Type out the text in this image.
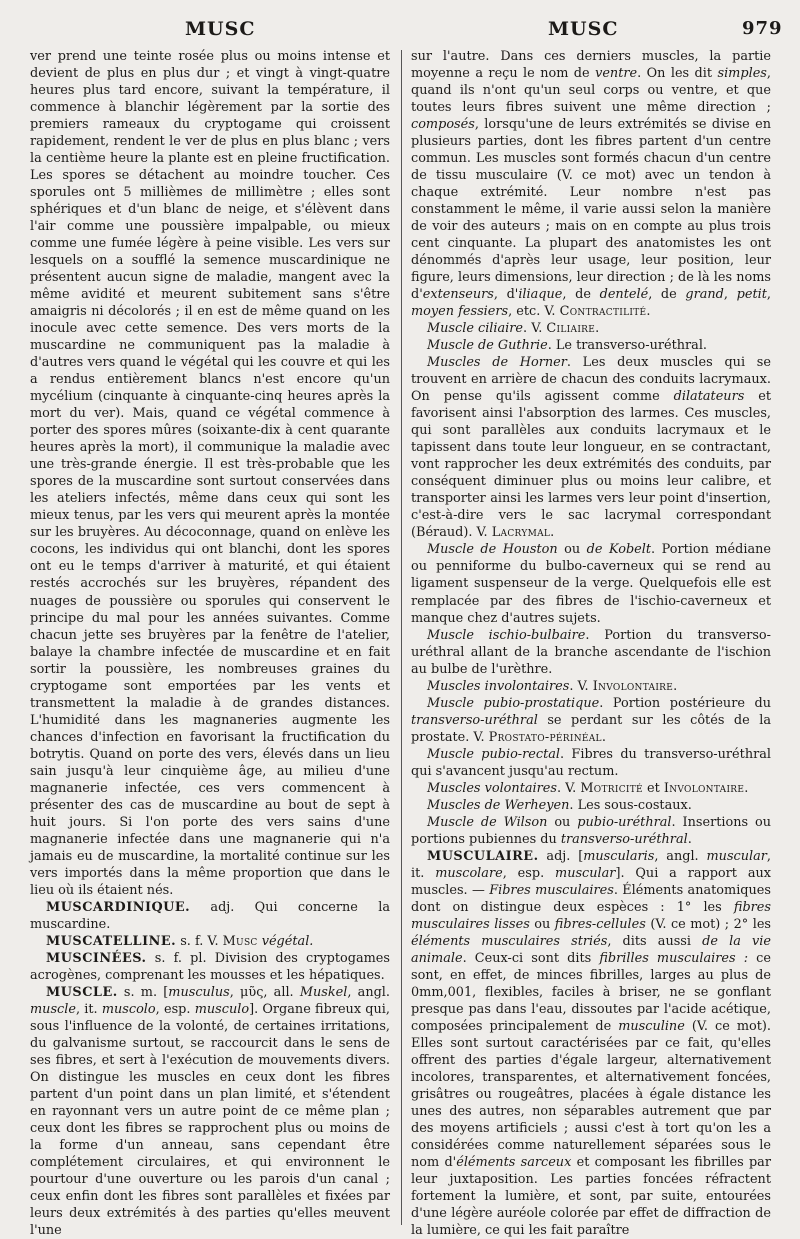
MUSC	MUSC	979

ver prend une teinte rosée plus ou moins intense et devient de plus en plus dur ; et vingt à vingt-quatre heures plus tard encore, suivant la température, il commence à blanchir légèrement par la sortie des premiers rameaux du cryptogame qui croissent rapidement, rendent le ver de plus en plus blanc ; vers la centième heure la plante est en pleine fructification. Les spores se détachent au moindre toucher. Ces sporules ont 5 millièmes de millimètre ; elles sont sphériques et d'un blanc de neige, et s'élèvent dans l'air comme une poussière impalpable, ou mieux comme une fumée légère à peine visible. Les vers sur lesquels on a soufflé la semence muscardinique ne présentent aucun signe de maladie, mangent avec la même avidité et meurent subitement sans s'être amaigris ni décolorés ; il en est de même quand on les inocule avec cette semence. Des vers morts de la muscardine ne communiquent pas la maladie à d'autres vers quand le végétal qui les couvre et qui les a rendus entièrement blancs n'est encore qu'un mycélium (cinquante à cinquante-cinq heures après la mort du ver). Mais, quand ce végétal commence à porter des spores mûres (soixante-dix à cent quarante heures après la mort), il communique la maladie avec une très-grande énergie. Il est très-probable que les spores de la muscardine sont surtout conservées dans les ateliers infectés, même dans ceux qui sont les mieux tenus, par les vers qui meurent après la montée sur les bruyères. Au décoconnage, quand on enlève les cocons, les individus qui ont blanchi, dont les spores ont eu le temps d'arriver à maturité, et qui étaient restés accrochés sur les bruyères, répandent des nuages de poussière ou sporules qui conservent le principe du mal pour les années suivantes. Comme chacun jette ses bruyères par la fenêtre de l'atelier, balaye la chambre infectée de muscardine et en fait sortir la poussière, les nombreuses graines du cryptogame sont emportées par les vents et transmettent la maladie à de grandes distances. L'humidité dans les magnaneries augmente les chances d'infection en favorisant la fructification du botrytis. Quand on porte des vers, élevés dans un lieu sain jusqu'à leur cinquième âge, au milieu d'une magnanerie infectée, ces vers commencent à présenter des cas de muscardine au bout de sept à huit jours. Si l'on porte des vers sains d'une magnanerie infectée dans une magnanerie qui n'a jamais eu de muscardine, la mortalité continue sur les vers importés dans la même proportion que dans le lieu où ils étaient nés.

MUSCARDINIQUE. adj. Qui concerne la muscardine.

MUSCATELLINE. s. f. V. Musc végétal.

MUSCINÉES. s. f. pl. Division des cryptogames acrogènes, comprenant les mousses et les hépatiques.

MUSCLE. s. m. [musculus, μῦς, all. Muskel, angl. muscle, it. muscolo, esp. musculo]. Organe fibreux qui, sous l'influence de la volonté, de certaines irritations, du galvanisme surtout, se raccourcit dans le sens de ses fibres, et sert à l'exécution de mouvements divers. On distingue les muscles en ceux dont les fibres partent d'un point dans un plan limité, et s'étendent en rayonnant vers un autre point de ce même plan ; ceux dont les fibres se rapprochent plus ou moins de la forme d'un anneau, sans cependant être complétement circulaires, et qui environnent le pourtour d'une ouverture ou les parois d'un canal ; ceux enfin dont les fibres sont parallèles et fixées par leurs deux extrémités à des parties qu'elles meuvent l'une

sur l'autre. Dans ces derniers muscles, la partie moyenne a reçu le nom de ventre. On les dit simples, quand ils n'ont qu'un seul corps ou ventre, et que toutes leurs fibres suivent une même direction ; composés, lorsqu'une de leurs extrémités se divise en plusieurs parties, dont les fibres partent d'un centre commun. Les muscles sont formés chacun d'un centre de tissu musculaire (V. ce mot) avec un tendon à chaque extrémité. Leur nombre n'est pas constamment le même, il varie aussi selon la manière de voir des auteurs ; mais on en compte au plus trois cent cinquante. La plupart des anatomistes les ont dénommés d'après leur usage, leur position, leur figure, leurs dimensions, leur direction ; de là les noms d'extenseurs, d'iliaque, de dentelé, de grand, petit, moyen fessiers, etc. V. Contractilité.

Muscle ciliaire. V. Ciliaire.

Muscle de Guthrie. Le transverso-uréthral.

Muscles de Horner. Les deux muscles qui se trouvent en arrière de chacun des conduits lacrymaux. On pense qu'ils agissent comme dilatateurs et favorisent ainsi l'absorption des larmes. Ces muscles, qui sont parallèles aux conduits lacrymaux et le tapissent dans toute leur longueur, en se contractant, vont rapprocher les deux extrémités des conduits, par conséquent diminuer plus ou moins leur calibre, et transporter ainsi les larmes vers leur point d'insertion, c'est-à-dire vers le sac lacrymal correspondant (Béraud). V. Lacrymal.

Muscle de Houston ou de Kobelt. Portion médiane ou penniforme du bulbo-caverneux qui se rend au ligament suspenseur de la verge. Quelquefois elle est remplacée par des fibres de l'ischio-caverneux et manque chez d'autres sujets.

Muscle ischio-bulbaire. Portion du transverso-uréthral allant de la branche ascendante de l'ischion au bulbe de l'urèthre.

Muscles involontaires. V. Involontaire.

Muscle pubio-prostatique. Portion postérieure du transverso-uréthral se perdant sur les côtés de la prostate. V. Prostato-périnéal.

Muscle pubio-rectal. Fibres du transverso-uréthral qui s'avancent jusqu'au rectum.

Muscles volontaires. V. Motricité et Involontaire.

Muscles de Werheyen. Les sous-costaux.

Muscle de Wilson ou pubio-uréthral. Insertions ou portions pubiennes du transverso-uréthral.

MUSCULAIRE. adj. [muscularis, angl. muscular, it. muscolare, esp. muscular]. Qui a rapport aux muscles. — Fibres musculaires. Éléments anatomiques dont on distingue deux espèces : 1° les fibres musculaires lisses ou fibres-cellules (V. ce mot) ; 2° les éléments musculaires striés, dits aussi de la vie animale. Ceux-ci sont dits fibrilles musculaires : ce sont, en effet, de minces fibrilles, larges au plus de 0mm,001, flexibles, faciles à briser, ne se gonflant presque pas dans l'eau, dissoutes par l'acide acétique, composées principalement de musculine (V. ce mot). Elles sont surtout caractérisées par ce fait, qu'elles offrent des parties d'égale largeur, alternativement incolores, transparentes, et alternativement foncées, grisâtres ou rougeâtres, placées à égale distance les unes des autres, non séparables autrement que par des moyens artificiels ; aussi c'est à tort qu'on les a considérées comme naturellement séparées sous le nom d'éléments sarceux et composant les fibrilles par leur juxtaposition. Les parties foncées réfractent fortement la lumière, et sont, par suite, entourées d'une légère auréole colorée par effet de diffraction de la lumière, ce qui les fait paraître
